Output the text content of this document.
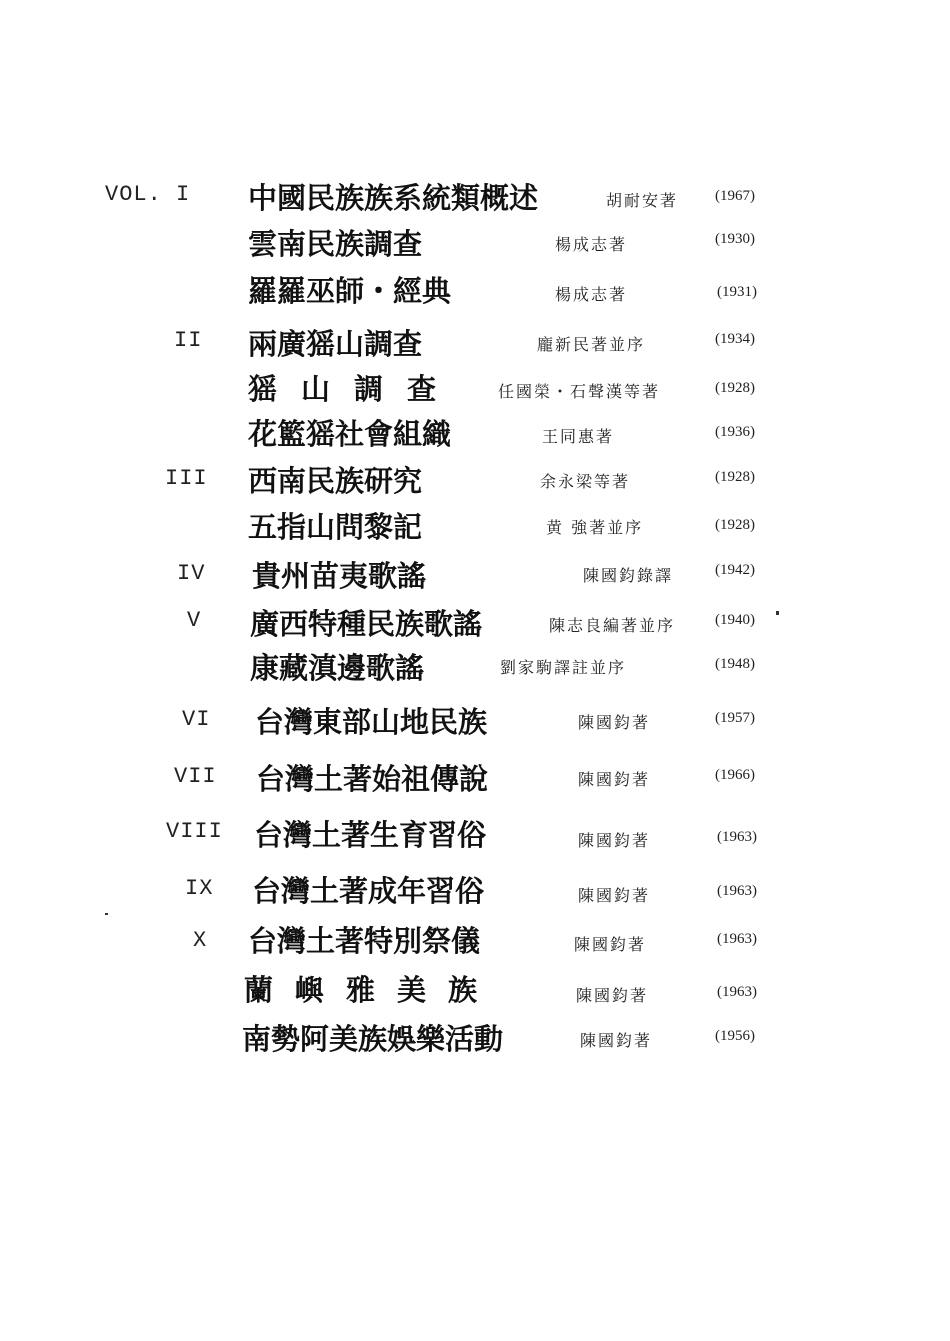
VOL. I 中國民族族系統類概述	胡耐安著 (1967)
雲南民族調查	楊成志著	(1930)
羅羅巫師・經典	楊成志著	(1931)
II 兩廣猺山調查	龐新民著並序	(1934)
猺山調查 任國榮・石聲漢等著	(1928)
花籃猺社會組織	王同惠著	(1936)
III 西南民族研究	余永梁等著	(1928)
五指山問黎記	黄 強著並序	(1928)
IV 貴州苗夷歌謠	陳國鈞錄譯	(1942)
V 廣西特種民族歌謠	陳志良編著並序	(1940)
康藏滇邊歌謠	劉家駒譯註並序	(1948)
VI 台灣東部山地民族	陳國鈞著	(1957)
VII 台灣土著始祖傳說	陳國鈞著	(1966)
VIII 台灣土著生育習俗	陳國鈞著	(1963)
IX 台灣土著成年習俗	陳國鈞著	(1963)
X 台灣土著特別祭儀	陳國鈞著	(1963)
蘭嶼雅美族	陳國鈞著	(1963)
南勢阿美族娛樂活動	陳國鈞著	(1956)
